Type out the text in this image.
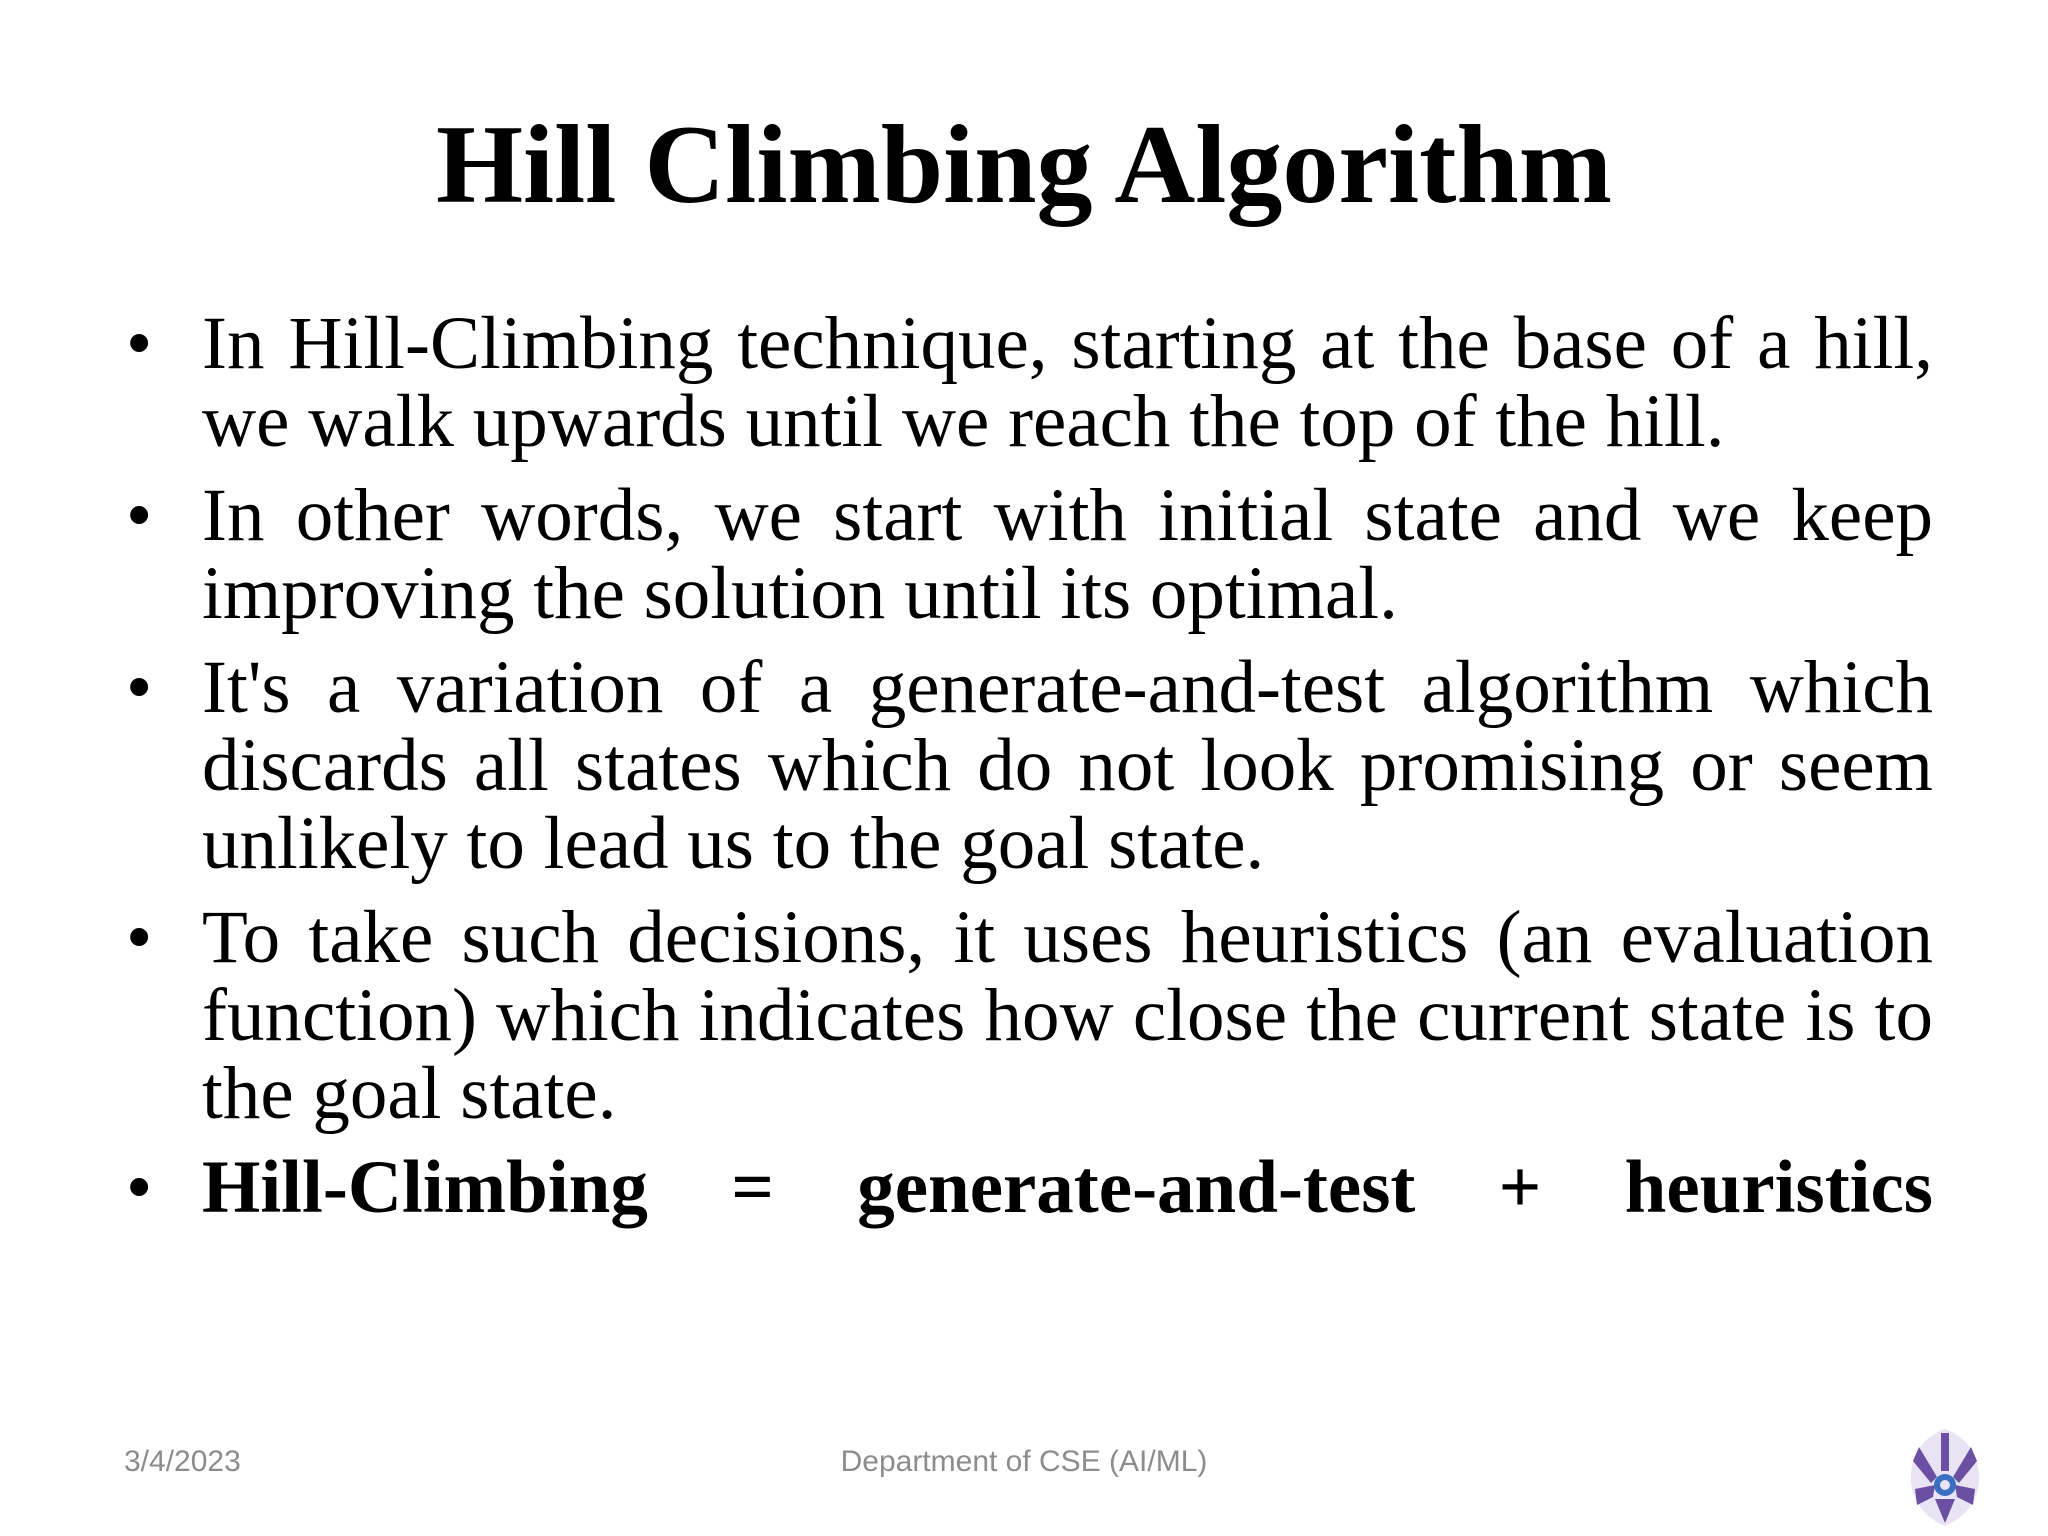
Hill Climbing Algorithm
• In Hill-Climbing technique, starting at the base of a hill, we walk upwards until we reach the top of the hill.
• In other words, we start with initial state and we keep improving the solution until its optimal.
• It's a variation of a generate-and-test algorithm which discards all states which do not look promising or seem unlikely to lead us to the goal state.
• To take such decisions, it uses heuristics (an evaluation function) which indicates how close the current state is to the goal state.
• Hill-Climbing = generate-and-test + heuristics
3/4/2023	Department of CSE (AI/ML)
